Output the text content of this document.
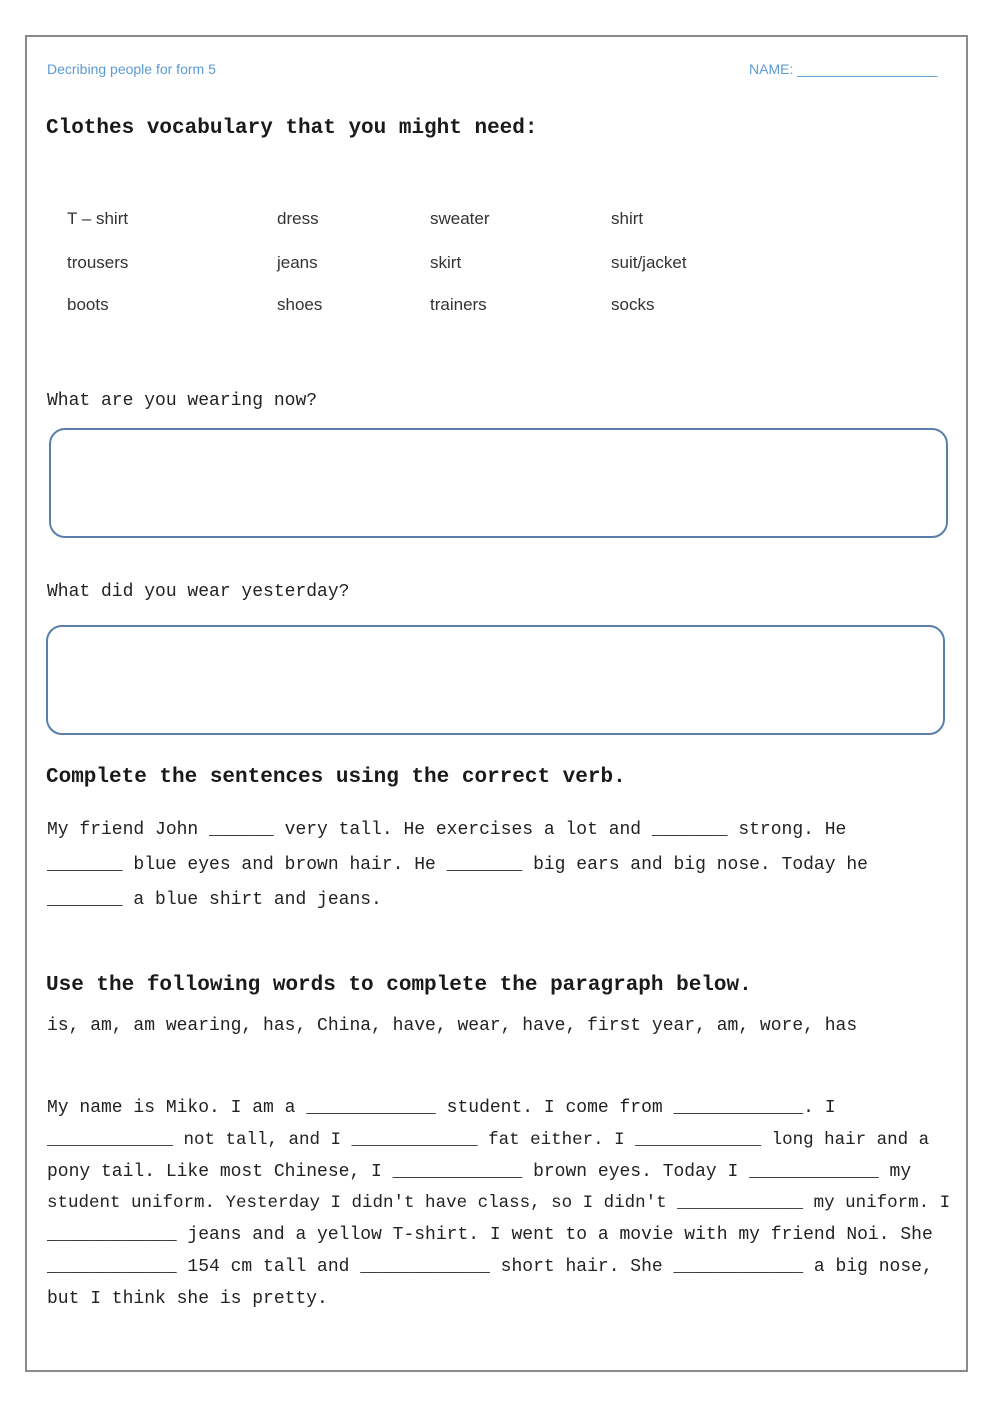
Decribing people for form 5	NAME: __________________
Clothes vocabulary that you might need:
T – shirt	dress	sweater	shirt
trousers	jeans	skirt	suit/jacket
boots	shoes	trainers	socks
What are you wearing now?
What did you wear yesterday?
Complete the sentences using the correct verb.
My friend John ______ very tall. He exercises a lot and _______ strong. He
_______ blue eyes and brown hair. He _______ big ears and big nose. Today he
_______ a blue shirt and jeans.
Use the following words to complete the paragraph below.
is, am, am wearing, has, China, have, wear, have, first year, am, wore, has
My name is Miko. I am a ____________ student. I come from ____________. I
____________ not tall, and I ____________ fat either. I ____________ long hair and a
pony tail. Like most Chinese, I ____________ brown eyes. Today I ____________ my
student uniform. Yesterday I didn't have class, so I didn't ____________ my uniform. I
____________ jeans and a yellow T-shirt. I went to a movie with my friend Noi. She
____________ 154 cm tall and ____________ short hair. She ____________ a big nose,
but I think she is pretty.
